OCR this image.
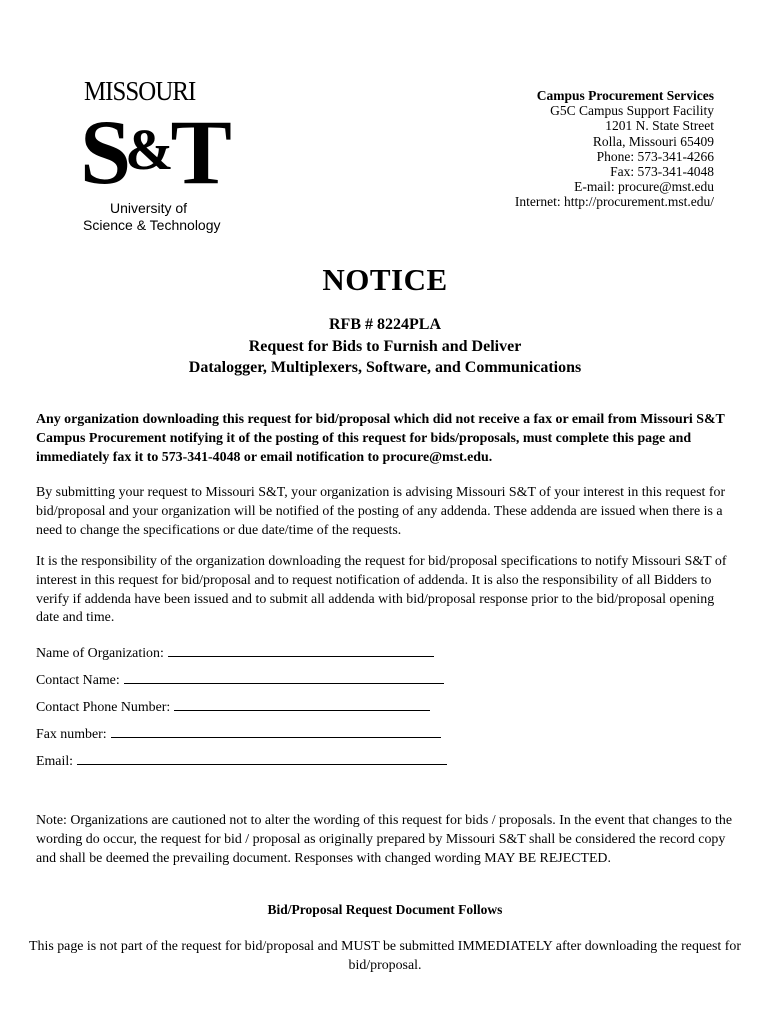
MISSOURI
S&T
University of
Science & Technology
Campus Procurement Services
G5C Campus Support Facility
1201 N. State Street
Rolla, Missouri 65409
Phone: 573-341-4266
Fax: 573-341-4048
E-mail: procure@mst.edu
Internet: http://procurement.mst.edu/
NOTICE
RFB # 8224PLA
Request for Bids to Furnish and Deliver
Datalogger, Multiplexers, Software, and Communications
Any organization downloading this request for bid/proposal which did not receive a fax or email from Missouri S&T Campus Procurement notifying it of the posting of this request for bids/proposals, must complete this page and immediately fax it to 573-341-4048 or email notification to procure@mst.edu.
By submitting your request to Missouri S&T, your organization is advising Missouri S&T of your interest in this request for bid/proposal and your organization will be notified of the posting of any addenda. These addenda are issued when there is a need to change the specifications or due date/time of the requests.
It is the responsibility of the organization downloading the request for bid/proposal specifications to notify Missouri S&T of interest in this request for bid/proposal and to request notification of addenda. It is also the responsibility of all Bidders to verify if addenda have been issued and to submit all addenda with bid/proposal response prior to the bid/proposal opening date and time.
Name of Organization:
Contact Name:
Contact Phone Number:
Fax number:
Email:
Note: Organizations are cautioned not to alter the wording of this request for bids / proposals. In the event that changes to the wording do occur, the request for bid / proposal as originally prepared by Missouri S&T shall be considered the record copy and shall be deemed the prevailing document. Responses with changed wording MAY BE REJECTED.
Bid/Proposal Request Document Follows
This page is not part of the request for bid/proposal and MUST be submitted IMMEDIATELY after downloading the request for bid/proposal.
